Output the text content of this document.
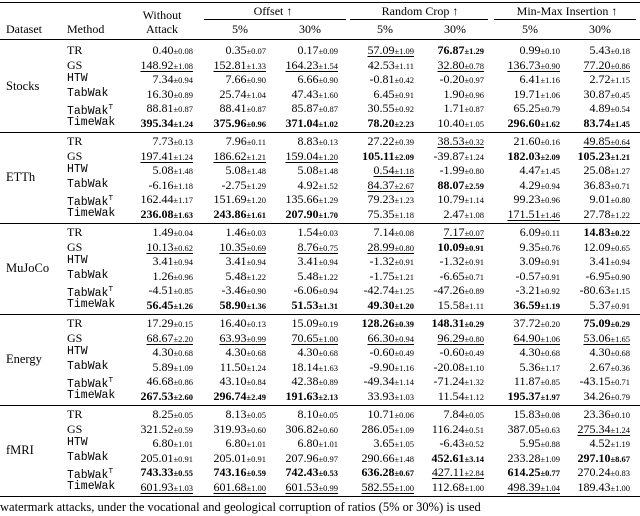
Dataset Method
Without
Attack
Offset ↑	Random Crop ↑	Min-Max Insertion ↑
5%	30%	5%	30%	5%	30%
Stocks
TR	0.40±0.08	0.35±0.07	0.17±0.09 57.09±1.09 76.87±1.29	0.99±0.10 5.43±0.18
GS	148.92±1.08 152.81±1.33 164.23±1.54 42.53±1.11 32.80±0.78 136.73±0.90 77.20±0.86
HTW	7.34±0.94	7.66±0.90	6.66±0.90	-0.81±0.42 -0.20±0.97	6.41±1.16 2.72±1.15
TabWak	16.30±0.89 25.74±1.04 47.43±1.60	6.45±0.91 1.90±0.96 19.71±1.06 30.87±0.45
TabWak⊤	88.81±0.87 88.41±0.87 85.87±0.87 30.55±0.92 1.71±0.87 65.25±0.79 4.89±0.54
TimeWak 395.34±1.24 375.96±0.96 371.04±1.02 78.20±2.23 10.40±1.05 296.60±1.62 83.74±1.45
ETTh
TR	7.73±0.13	7.96±0.11	8.83±0.13 27.22±0.39 38.53±0.32 21.60±0.16 49.85±0.64
GS	197.41±1.24 186.62±1.21 159.04±1.20 105.11±2.09 -39.87±1.24 182.03±2.09 105.23±1.21
HTW	5.08±1.48	5.08±1.48	5.08±1.48	0.54±1.18 -1.99±0.80	4.47±1.45 25.08±1.27
TabWak	-6.16±1.18 -2.75±1.29	4.92±1.52 84.37±2.67 88.07±2.59	4.29±0.94 36.83±0.71
TabWak⊤ 162.44±1.17 151.69±1.20 135.66±1.29 79.23±1.23 10.79±1.14 99.23±0.96 9.01±0.80
TimeWak 236.08±1.63 243.86±1.61 207.90±1.70 75.35±1.18 2.47±1.08 171.51±1.46 27.78±1.22
MuJoCo
TR	1.49±0.04	1.46±0.03	1.54±0.03	7.14±0.08 7.17±0.07	6.09±0.11 14.83±0.22
GS	10.13±0.62 10.35±0.69	8.76±0.75 28.99±0.80 10.09±0.91	9.35±0.76 12.09±0.65
HTW	3.41±0.94	3.41±0.94	3.41±0.94	-1.32±0.91 -1.32±0.91	3.09±0.91 3.41±0.94
TabWak	1.26±0.96	5.48±1.22	5.48±1.22	-1.75±1.21 -6.65±0.71	-0.57±0.91 -6.95±0.90
TabWak⊤	-4.51±0.85 -3.46±0.90 -6.06±0.94 -42.74±1.25 -47.26±0.89	-3.21±0.92 -80.63±1.15
TimeWak	56.45±1.26 58.90±1.36 51.53±1.31 49.30±1.20 15.58±1.11 36.59±1.19 5.37±0.91
Energy
TR	17.29±0.15 16.40±0.13 15.09±0.19 128.26±0.39 148.31±0.29 37.72±0.20 75.09±0.29
GS	68.67±2.20 63.93±0.99 70.65±1.00 66.30±0.94 96.29±0.80 64.90±1.06 53.06±1.65
HTW	4.30±0.68	4.30±0.68	4.30±0.68	-0.60±0.49 -0.60±0.49	4.30±0.68 4.30±0.68
TabWak	5.89±1.09 11.50±1.24 18.14±1.63	-9.90±1.16 -20.08±1.10	5.36±1.17 2.67±0.36
TabWak⊤	46.68±0.86 43.10±0.84 42.38±0.89 -49.34±1.14 -71.24±1.32 11.87±0.85 -43.15±0.71
TimeWak 267.53±2.60 296.74±2.49 191.63±2.13 33.93±1.03 11.54±1.12 195.37±1.97 34.26±0.79
fMRI
TR	8.25±0.05	8.13±0.05	8.10±0.05 10.71±0.06 7.84±0.05 15.83±0.08 23.36±0.10
GS	321.52±0.59 319.93±0.60 306.82±0.60 286.05±1.09 116.24±0.51 387.05±0.63 275.34±1.24
HTW	6.80±1.01	6.80±1.01	6.80±1.01	3.65±1.05 -6.43±0.52	5.95±0.88 4.52±1.19
TabWak	205.01±0.91 205.01±0.91 207.96±0.97 290.66±1.48 452.61±3.14 233.28±1.09 297.10±8.67
TabWak⊤ 743.33±0.55 743.16±0.59 742.43±0.53 636.28±0.67 427.11±2.84 614.25±0.77 270.24±0.83
TimeWak 601.93±1.03 601.68±1.00 601.53±0.99 582.55±1.00 112.68±1.00 498.39±1.04 189.43±1.00
watermark attacks, under the vocational and geological corruption of ratios (5% or 30%) is used
